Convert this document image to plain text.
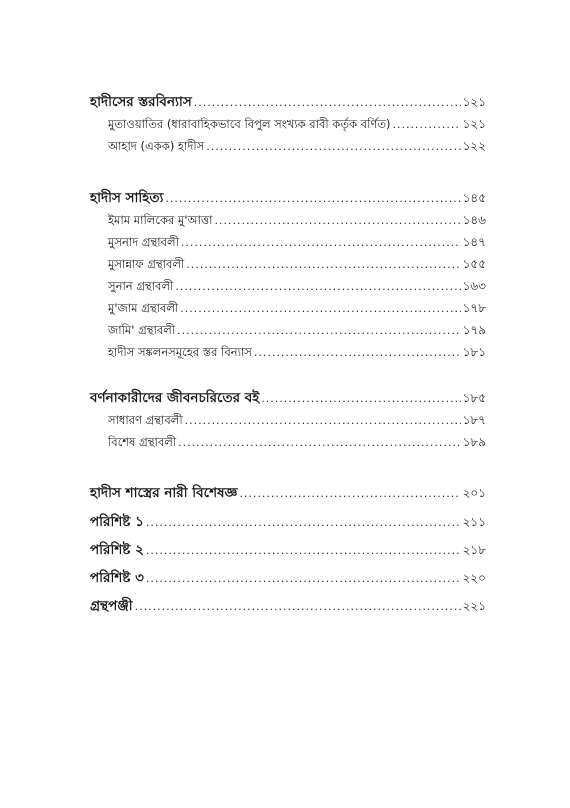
হাদীসের স্তরবিন্যাস .....	১২১
মুতাওয়াতির (ধারাবাহিকভাবে বিপুল সংখ্যক রাবী কর্তৃক বর্ণিত) .....	১২১
আহাদ (একক) হাদীস .....	১২২
হাদীস সাহিত্য .....	১৪৫
ইমাম মালিকের মু'আত্তা .....	১৪৬
মুসনাদ গ্রন্থাবলী .....	১৪৭
মুসান্নাফ গ্রন্থাবলী .....	১৫৫
সুনান গ্রন্থাবলী .....	১৬৩
মু'জাম গ্রন্থাবলী .....	১৭৮
জামি' গ্রন্থাবলী .....	১৭৯
হাদীস সঙ্কলনসমূহের স্তর বিন্যাস .....	১৮১
বর্ণনাকারীদের জীবনচরিতের বই .....	১৮৫
সাধারণ গ্রন্থাবলী .....	১৮৭
বিশেষ গ্রন্থাবলী .....	১৮৯
হাদীস শাস্ত্রের নারী বিশেষজ্ঞ .....	২০১
পরিশিষ্ট ১ .....	২১১
পরিশিষ্ট ২ .....	২১৮
পরিশিষ্ট ৩ .....	২২০
গ্রন্থপঞ্জী .....	২২১
